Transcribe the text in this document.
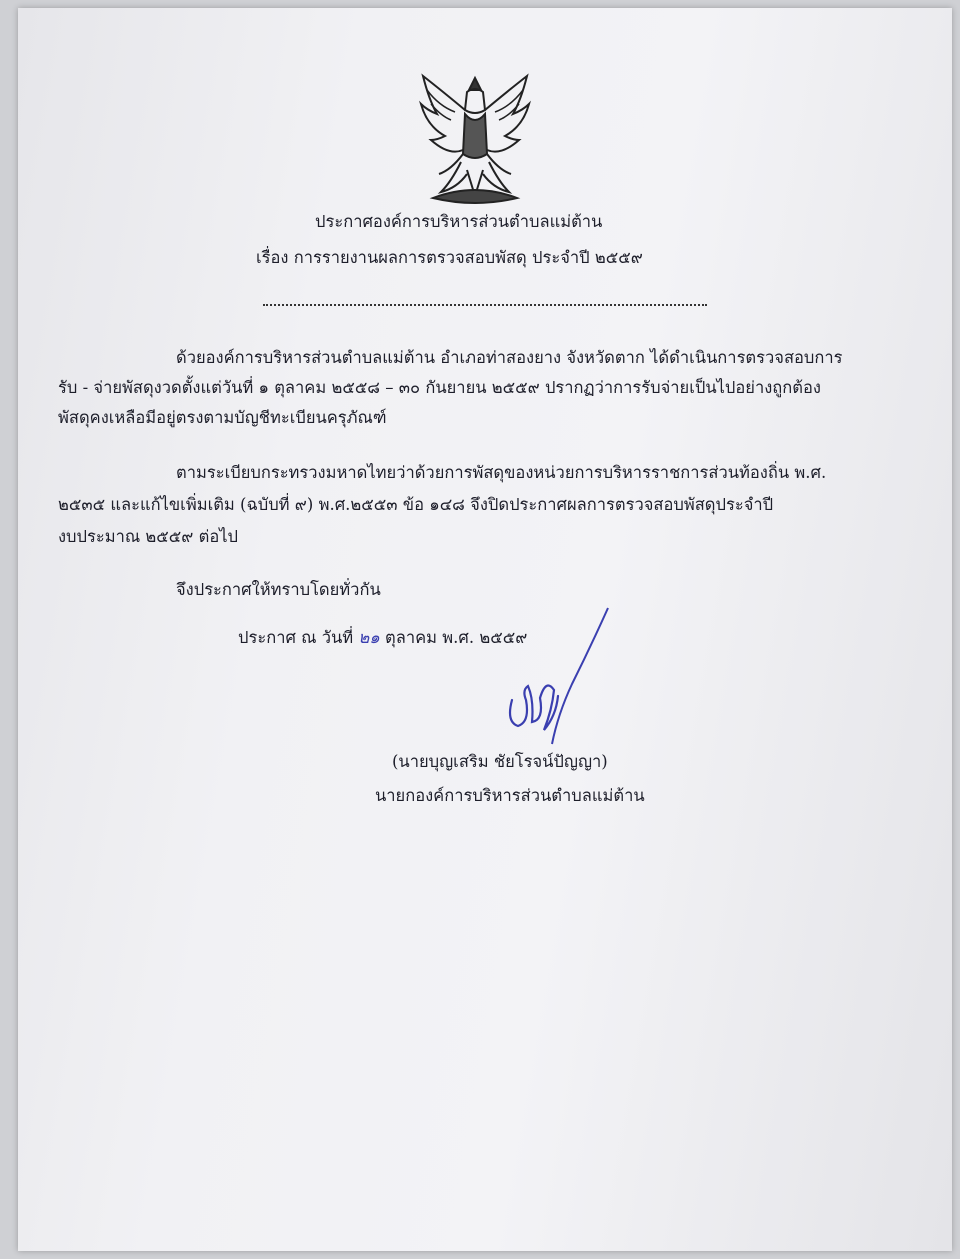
ประกาศองค์การบริหารส่วนตำบลแม่ต้าน
เรื่อง การรายงานผลการตรวจสอบพัสดุ ประจำปี ๒๕๕๙
ด้วยองค์การบริหารส่วนตำบลแม่ต้าน อำเภอท่าสองยาง จังหวัดตาก ได้ดำเนินการตรวจสอบการ
รับ - จ่ายพัสดุงวดตั้งแต่วันที่ ๑ ตุลาคม ๒๕๕๘ – ๓๐ กันยายน ๒๕๕๙ ปรากฏว่าการรับจ่ายเป็นไปอย่างถูกต้อง
พัสดุคงเหลือมีอยู่ตรงตามบัญชีทะเบียนครุภัณฑ์
ตามระเบียบกระทรวงมหาดไทยว่าด้วยการพัสดุของหน่วยการบริหารราชการส่วนท้องถิ่น พ.ศ.
๒๕๓๕ และแก้ไขเพิ่มเติม (ฉบับที่ ๙) พ.ศ.๒๕๕๓ ข้อ ๑๔๘ จึงปิดประกาศผลการตรวจสอบพัสดุประจำปี
งบประมาณ ๒๕๕๙ ต่อไป
จึงประกาศให้ทราบโดยทั่วกัน
ประกาศ ณ วันที่ ๒๑ ตุลาคม พ.ศ. ๒๕๕๙
(นายบุญเสริม ชัยโรจน์ปัญญา)
นายกองค์การบริหารส่วนตำบลแม่ต้าน
